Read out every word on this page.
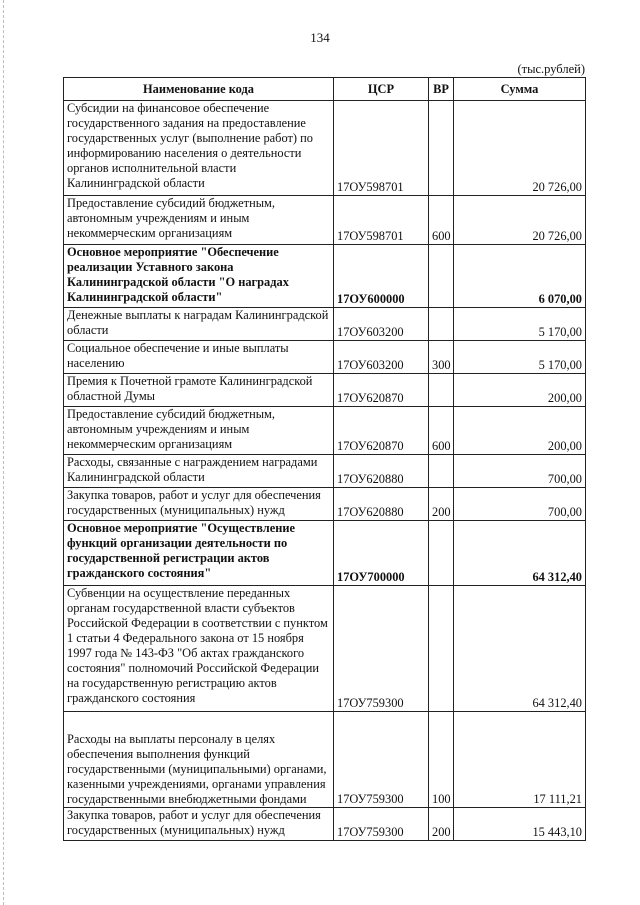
134
(тыс.рублей)
Наименование кода	ЦСР	ВР	Сумма
Субсидии на финансовое обеспечение государственного задания на предоставление государственных услуг (выполнение работ) по информированию населения о деятельности органов исполнительной власти Калининградской области	17ОУ598701		20 726,00
Предоставление субсидий бюджетным, автономным учреждениям и иным некоммерческим организациям	17ОУ598701	600	20 726,00
Основное мероприятие "Обеспечение реализации Уставного закона Калининградской области "О наградах Калининградской области"	17ОУ600000		6 070,00
Денежные выплаты к наградам Калининградской области	17ОУ603200		5 170,00
Социальное обеспечение и иные выплаты населению	17ОУ603200	300	5 170,00
Премия к Почетной грамоте Калининградской областной Думы	17ОУ620870		200,00
Предоставление субсидий бюджетным, автономным учреждениям и иным некоммерческим организациям	17ОУ620870	600	200,00
Расходы, связанные с награждением наградами Калининградской области	17ОУ620880		700,00
Закупка товаров, работ и услуг для обеспечения государственных (муниципальных) нужд	17ОУ620880	200	700,00
Основное мероприятие "Осуществление функций организации деятельности по государственной регистрации актов гражданского состояния"	17ОУ700000		64 312,40
Субвенции на осуществление переданных органам государственной власти субъектов Российской Федерации в соответствии с пунктом 1 статьи 4 Федерального закона от 15 ноября 1997 года № 143-ФЗ "Об актах гражданского состояния" полномочий Российской Федерации на государственную регистрацию актов гражданского состояния	17ОУ759300		64 312,40
Расходы на выплаты персоналу в целях обеспечения выполнения функций государственными (муниципальными) органами, казенными учреждениями, органами управления государственными внебюджетными фондами	17ОУ759300	100	17 111,21
Закупка товаров, работ и услуг для обеспечения государственных (муниципальных) нужд	17ОУ759300	200	15 443,10
